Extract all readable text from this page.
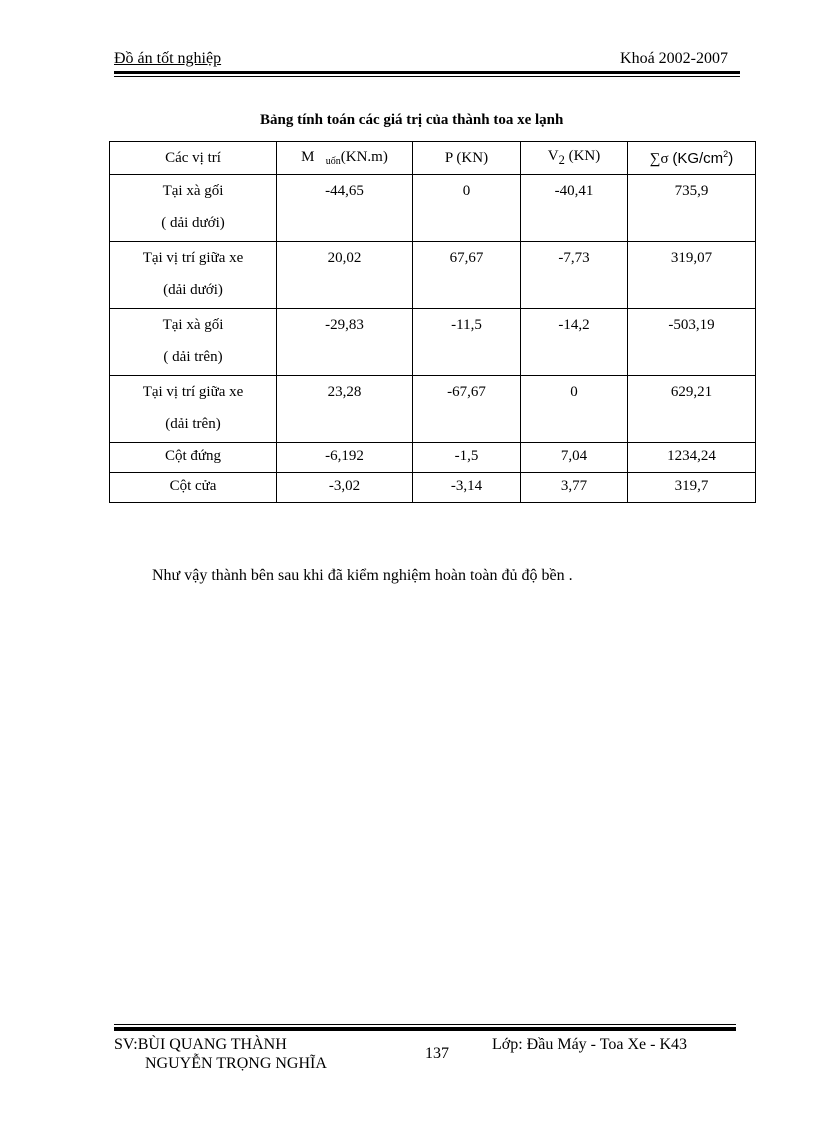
Đồ án tốt nghiệp	Khoá 2002-2007
Bảng tính toán các giá trị của thành toa xe lạnh
Các vị trí	M $_{uốn}$(KN.m)	P (KN)	$V_2$ (KN)	∑σ $(KG/cm^2)$
Tại xà gối
( dải dưới)	-44,65	0	-40,41	735,9
Tại vị trí giữa xe
(dải dưới)	20,02	67,67	-7,73	319,07
Tại xà gối
( dải trên)	-29,83	-11,5	-14,2	-503,19
Tại vị trí giữa xe
(dải trên)	23,28	-67,67	0	629,21
Cột đứng	-6,192	-1,5	7,04	1234,24
Cột cửa	-3,02	-3,14	3,77	319,7
Như vậy thành bên sau khi đã kiểm nghiệm hoàn toàn đủ độ bền .
SV:BÙI QUANG THÀNH
NGUYỄN TRỌNG NGHĨA
137
Lớp: Đầu Máy - Toa Xe - K43
